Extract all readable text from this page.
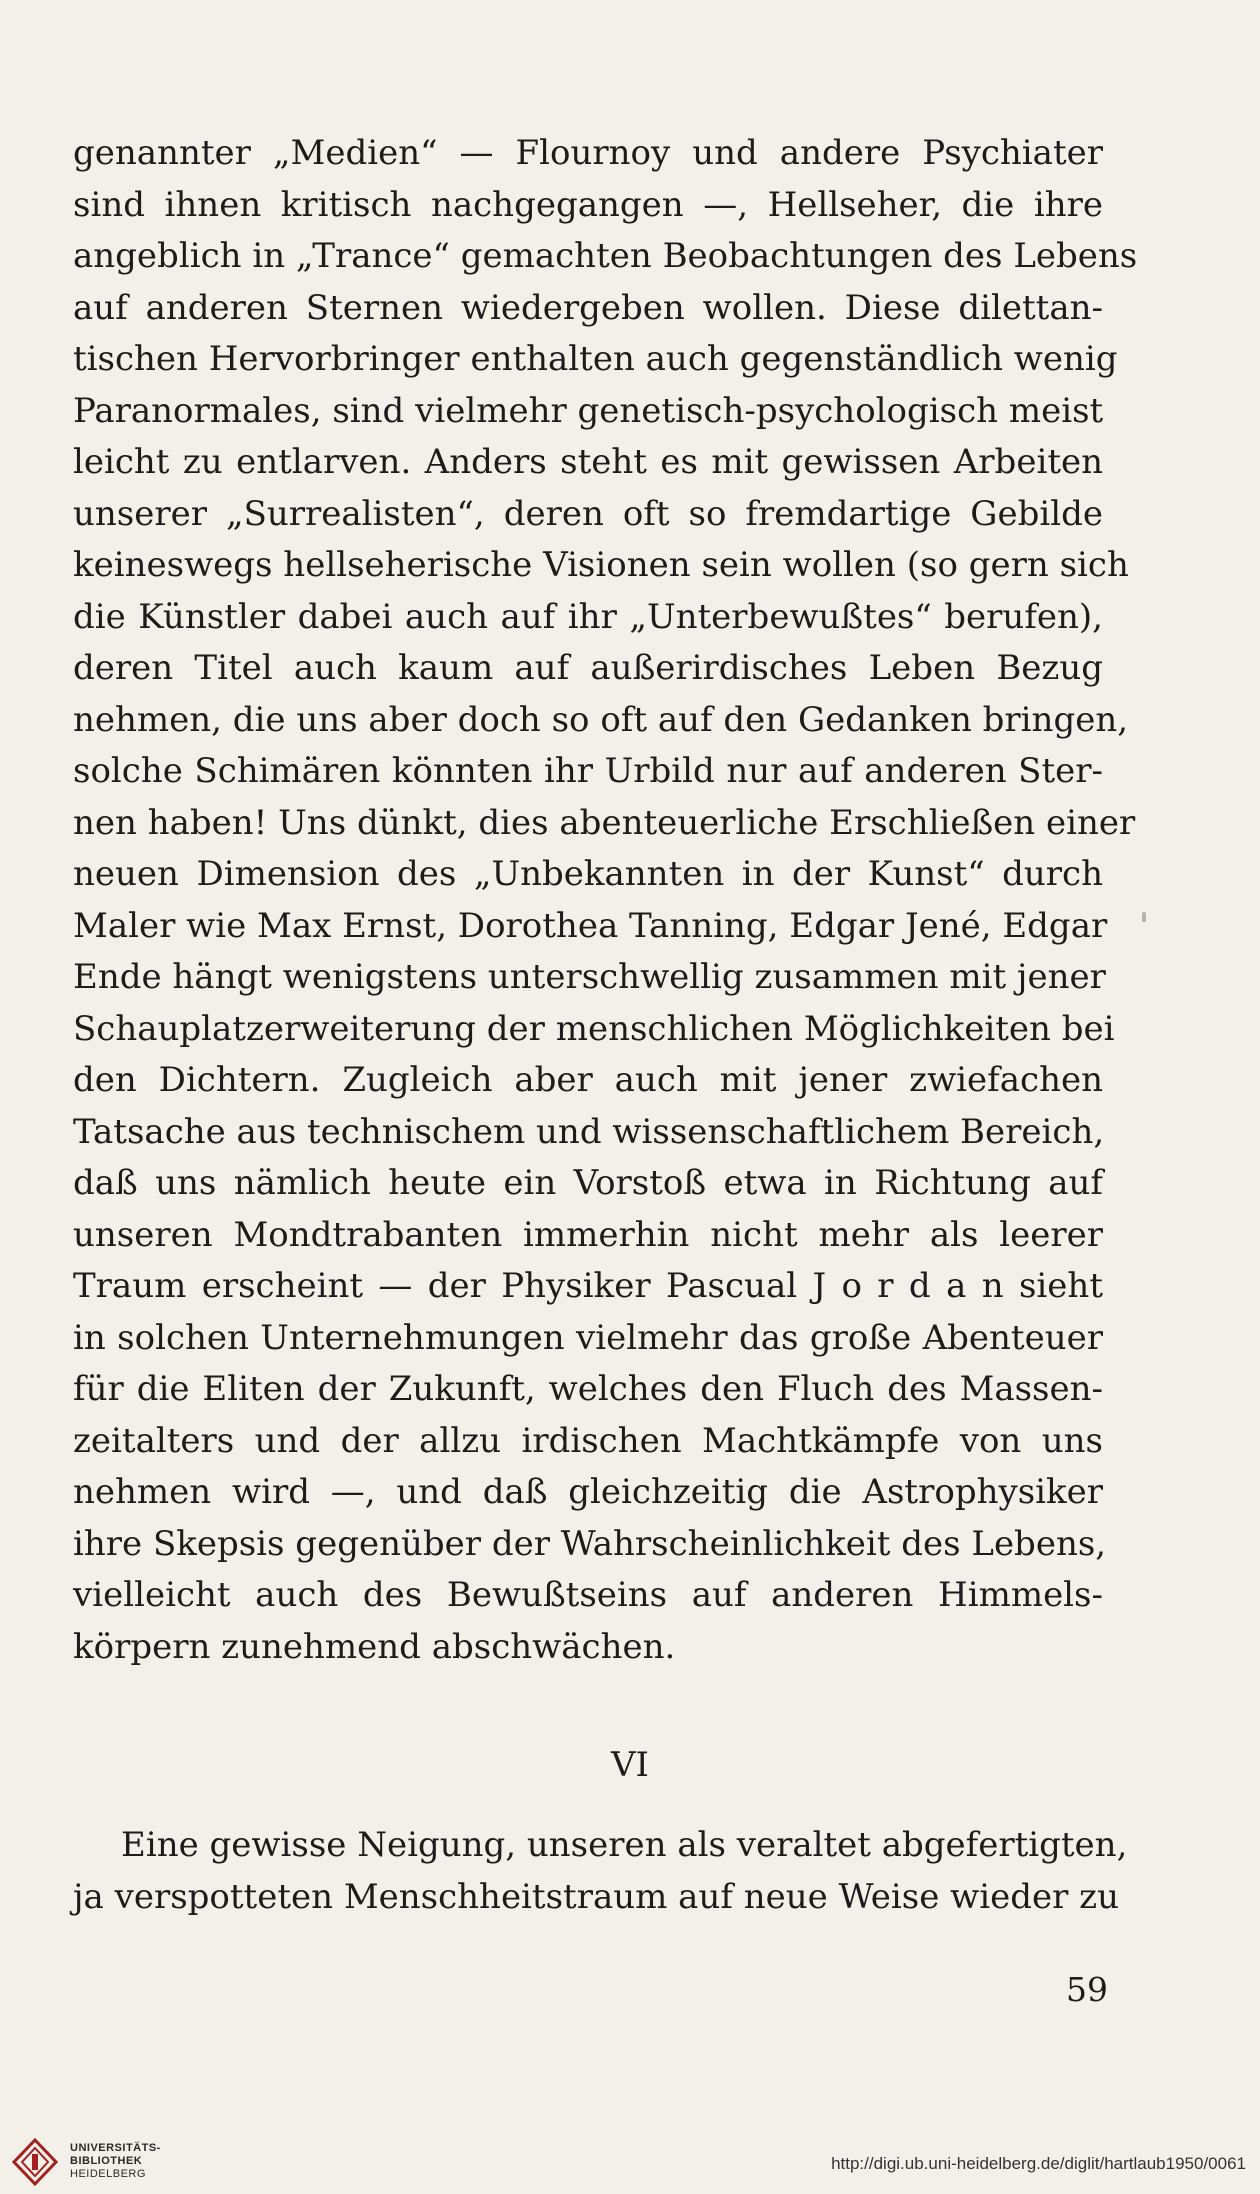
genannter „Medien“ — Flournoy und andere Psychiater
sind ihnen kritisch nachgegangen —, Hellseher, die ihre
angeblich in „Trance“ gemachten Beobachtungen des Lebens
auf anderen Sternen wiedergeben wollen. Diese dilettan-
tischen Hervorbringer enthalten auch gegenständlich wenig
Paranormales, sind vielmehr genetisch-psychologisch meist
leicht zu entlarven. Anders steht es mit gewissen Arbeiten
unserer „Surrealisten“, deren oft so fremdartige Gebilde
keineswegs hellseherische Visionen sein wollen (so gern sich
die Künstler dabei auch auf ihr „Unterbewußtes“ berufen),
deren Titel auch kaum auf außerirdisches Leben Bezug
nehmen, die uns aber doch so oft auf den Gedanken bringen,
solche Schimären könnten ihr Urbild nur auf anderen Ster-
nen haben! Uns dünkt, dies abenteuerliche Erschließen einer
neuen Dimension des „Unbekannten in der Kunst“ durch
Maler wie Max Ernst, Dorothea Tanning, Edgar Jené, Edgar
Ende hängt wenigstens unterschwellig zusammen mit jener
Schauplatzerweiterung der menschlichen Möglichkeiten bei
den Dichtern. Zugleich aber auch mit jener zwiefachen
Tatsache aus technischem und wissenschaftlichem Bereich,
daß uns nämlich heute ein Vorstoß etwa in Richtung auf
unseren Mondtrabanten immerhin nicht mehr als leerer
Traum erscheint — der Physiker Pascual J o r d a n sieht
in solchen Unternehmungen vielmehr das große Abenteuer
für die Eliten der Zukunft, welches den Fluch des Massen-
zeitalters und der allzu irdischen Machtkämpfe von uns
nehmen wird —, und daß gleichzeitig die Astrophysiker
ihre Skepsis gegenüber der Wahrscheinlichkeit des Lebens,
vielleicht auch des Bewußtseins auf anderen Himmels-
körpern zunehmend abschwächen.
VI
Eine gewisse Neigung, unseren als veraltet abgefertigten,
ja verspotteten Menschheitstraum auf neue Weise wieder zu
59
UNIVERSITÄTS-
BIBLIOTHEK
HEIDELBERG
http://digi.ub.uni-heidelberg.de/diglit/hartlaub1950/0061
